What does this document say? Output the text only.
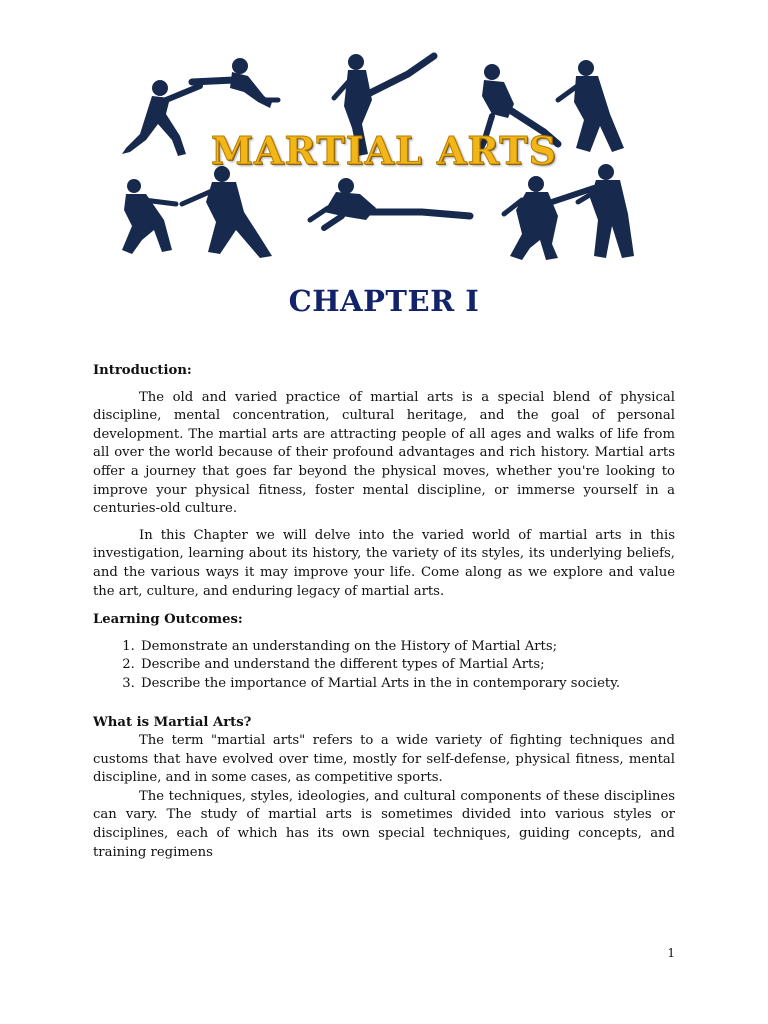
MARTIAL ARTS
CHAPTER I

Introduction:

The old and varied practice of martial arts is a special blend of physical discipline, mental concentration, cultural heritage, and the goal of personal development. The martial arts are attracting people of all ages and walks of life from all over the world because of their profound advantages and rich history. Martial arts offer a journey that goes far beyond the physical moves, whether you're looking to improve your physical fitness, foster mental discipline, or immerse yourself in a centuries-old culture.

In this Chapter we will delve into the varied world of martial arts in this investigation, learning about its history, the variety of its styles, its underlying beliefs, and the various ways it may improve your life. Come along as we explore and value the art, culture, and enduring legacy of martial arts.

Learning Outcomes:

1. Demonstrate an understanding on the History of Martial Arts;
2. Describe and understand the different types of Martial Arts;
3. Describe the importance of Martial Arts in the in contemporary society.

What is Martial Arts?

The term "martial arts" refers to a wide variety of fighting techniques and customs that have evolved over time, mostly for self-defense, physical fitness, mental discipline, and in some cases, as competitive sports.

The techniques, styles, ideologies, and cultural components of these disciplines can vary. The study of martial arts is sometimes divided into various styles or disciplines, each of which has its own special techniques, guiding concepts, and training regimens

1
